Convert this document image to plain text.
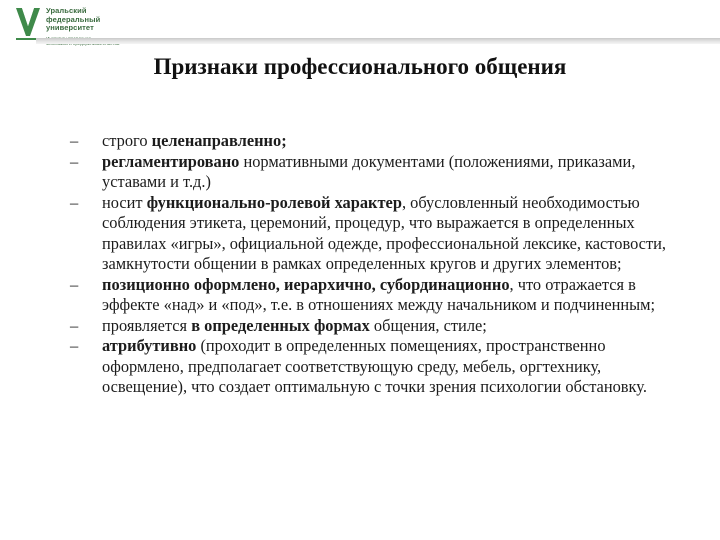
Уральский
федеральный
университет
Признаки профессионального общения
– строго целенаправленно;
– регламентировано нормативными документами (положениями, приказами, уставами и т.д.)
– носит функционально-ролевой характер, обусловленный необходимостью соблюдения этикета, церемоний, процедур, что выражается в определенных правилах «игры», официальной одежде, профессиональной лексике, кастовости, замкнутости общении в рамках определенных кругов и других элементов;
– позиционно оформлено, иерархично, субординационно, что отражается в эффекте «над» и «под», т.е. в отношениях между начальником и подчиненным;
– проявляется в определенных формах общения, стиле;
– атрибутивно (проходит в определенных помещениях, пространственно оформлено, предполагает соответствующую среду, мебель, оргтехнику, освещение), что создает оптимальную с точки зрения психологии обстановку.
